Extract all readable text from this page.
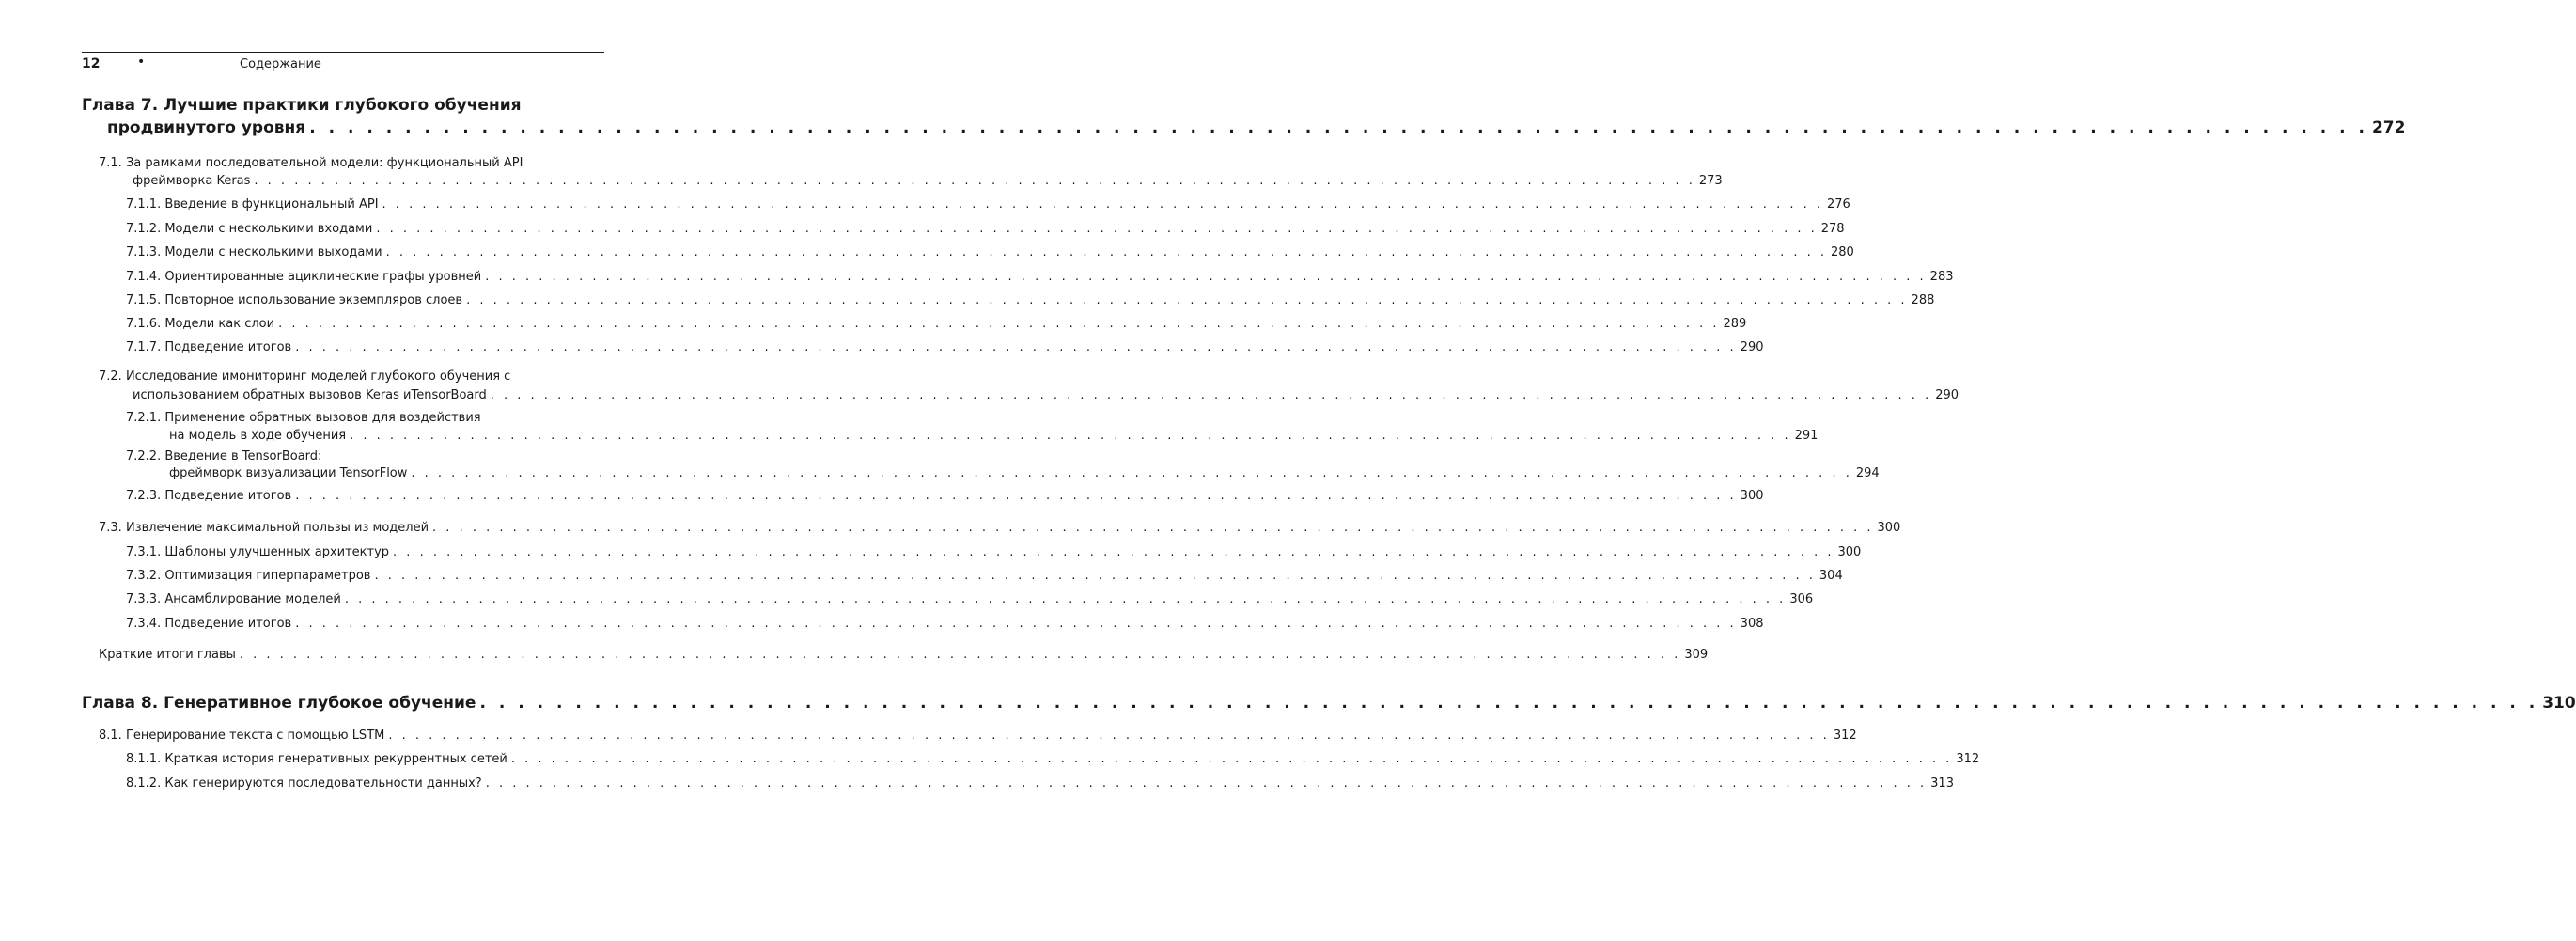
12	•	Содержание
Глава 7. Лучшие практики глубокого обучения
продвинутого уровня . . . . . . . . . . . . . . . . . . . . . . . . . . . . . . . . . . . . . . . . . . . . . . . . . . . . . . . . . . . . . . . . . . . . . . . . . . . . . . . . . . . . . . . . . . . . . . . . . . . . . . . . . . . . 272
7.1. За рамками последовательной модели: функциональный API
фреймворка Keras . . . . . . . . . . . . . . . . . . . . . . . . . . . . . . . . . . . . . . . . . . . . . . . . . . . . . . . . . . . . . . . . . . . . . . . . . . . . . . . . . . . . . . . . . . . . . . . . . . . . . . . . . . . . 273
7.1.1. Введение в функциональный API . . . . . . . . . . . . . . . . . . . . . . . . . . . . . . . . . . . . . . . . . . . . . . . . . . . . . . . . . . . . . . . . . . . . . . . . . . . . . . . . . . . . . . . . . . . . . . . . . . . . . . . . . . . . 276
7.1.2. Модели с несколькими входами . . . . . . . . . . . . . . . . . . . . . . . . . . . . . . . . . . . . . . . . . . . . . . . . . . . . . . . . . . . . . . . . . . . . . . . . . . . . . . . . . . . . . . . . . . . . . . . . . . . . . . . . . . . . 278
7.1.3. Модели с несколькими выходами . . . . . . . . . . . . . . . . . . . . . . . . . . . . . . . . . . . . . . . . . . . . . . . . . . . . . . . . . . . . . . . . . . . . . . . . . . . . . . . . . . . . . . . . . . . . . . . . . . . . . . . . . . . . 280
7.1.4. Ориентированные ациклические графы уровней . . . . . . . . . . . . . . . . . . . . . . . . . . . . . . . . . . . . . . . . . . . . . . . . . . . . . . . . . . . . . . . . . . . . . . . . . . . . . . . . . . . . . . . . . . . . . . . . . . . . . . . . . . . . 283
7.1.5. Повторное использование экземпляров слоев . . . . . . . . . . . . . . . . . . . . . . . . . . . . . . . . . . . . . . . . . . . . . . . . . . . . . . . . . . . . . . . . . . . . . . . . . . . . . . . . . . . . . . . . . . . . . . . . . . . . . . . . . . . . 288
7.1.6. Модели как слои . . . . . . . . . . . . . . . . . . . . . . . . . . . . . . . . . . . . . . . . . . . . . . . . . . . . . . . . . . . . . . . . . . . . . . . . . . . . . . . . . . . . . . . . . . . . . . . . . . . . . . . . . . . . 289
7.1.7. Подведение итогов . . . . . . . . . . . . . . . . . . . . . . . . . . . . . . . . . . . . . . . . . . . . . . . . . . . . . . . . . . . . . . . . . . . . . . . . . . . . . . . . . . . . . . . . . . . . . . . . . . . . . . . . . . . . 290
7.2. Исследование имониторинг моделей глубокого обучения с
использованием обратных вызовов Keras иTensorBoard . . . . . . . . . . . . . . . . . . . . . . . . . . . . . . . . . . . . . . . . . . . . . . . . . . . . . . . . . . . . . . . . . . . . . . . . . . . . . . . . . . . . . . . . . . . . . . . . . . . . . . . . . . . . 290
7.2.1. Применение обратных вызовов для воздействия
на модель в ходе обучения . . . . . . . . . . . . . . . . . . . . . . . . . . . . . . . . . . . . . . . . . . . . . . . . . . . . . . . . . . . . . . . . . . . . . . . . . . . . . . . . . . . . . . . . . . . . . . . . . . . . . . . . . . . . 291
7.2.2. Введение в TensorBoard:
фреймворк визуализации TensorFlow . . . . . . . . . . . . . . . . . . . . . . . . . . . . . . . . . . . . . . . . . . . . . . . . . . . . . . . . . . . . . . . . . . . . . . . . . . . . . . . . . . . . . . . . . . . . . . . . . . . . . . . . . . . . 294
7.2.3. Подведение итогов . . . . . . . . . . . . . . . . . . . . . . . . . . . . . . . . . . . . . . . . . . . . . . . . . . . . . . . . . . . . . . . . . . . . . . . . . . . . . . . . . . . . . . . . . . . . . . . . . . . . . . . . . . . . 300
7.3. Извлечение максимальной пользы из моделей . . . . . . . . . . . . . . . . . . . . . . . . . . . . . . . . . . . . . . . . . . . . . . . . . . . . . . . . . . . . . . . . . . . . . . . . . . . . . . . . . . . . . . . . . . . . . . . . . . . . . . . . . . . . 300
7.3.1. Шаблоны улучшенных архитектур . . . . . . . . . . . . . . . . . . . . . . . . . . . . . . . . . . . . . . . . . . . . . . . . . . . . . . . . . . . . . . . . . . . . . . . . . . . . . . . . . . . . . . . . . . . . . . . . . . . . . . . . . . . . 300
7.3.2. Оптимизация гиперпараметров . . . . . . . . . . . . . . . . . . . . . . . . . . . . . . . . . . . . . . . . . . . . . . . . . . . . . . . . . . . . . . . . . . . . . . . . . . . . . . . . . . . . . . . . . . . . . . . . . . . . . . . . . . . . 304
7.3.3. Ансамблирование моделей . . . . . . . . . . . . . . . . . . . . . . . . . . . . . . . . . . . . . . . . . . . . . . . . . . . . . . . . . . . . . . . . . . . . . . . . . . . . . . . . . . . . . . . . . . . . . . . . . . . . . . . . . . . . 306
7.3.4. Подведение итогов . . . . . . . . . . . . . . . . . . . . . . . . . . . . . . . . . . . . . . . . . . . . . . . . . . . . . . . . . . . . . . . . . . . . . . . . . . . . . . . . . . . . . . . . . . . . . . . . . . . . . . . . . . . . 308
Краткие итоги главы . . . . . . . . . . . . . . . . . . . . . . . . . . . . . . . . . . . . . . . . . . . . . . . . . . . . . . . . . . . . . . . . . . . . . . . . . . . . . . . . . . . . . . . . . . . . . . . . . . . . . . . . . . . . 309
Глава 8. Генеративное глубокое обучение . . . . . . . . . . . . . . . . . . . . . . . . . . . . . . . . . . . . . . . . . . . . . . . . . . . . . . . . . . . . . . . . . . . . . . . . . . . . . . . . . . . . . . . . . . . . . . . . . . . . . . . . . . . . 310
8.1. Генерирование текста с помощью LSTM . . . . . . . . . . . . . . . . . . . . . . . . . . . . . . . . . . . . . . . . . . . . . . . . . . . . . . . . . . . . . . . . . . . . . . . . . . . . . . . . . . . . . . . . . . . . . . . . . . . . . . . . . . . . 312
8.1.1. Краткая история генеративных рекуррентных сетей . . . . . . . . . . . . . . . . . . . . . . . . . . . . . . . . . . . . . . . . . . . . . . . . . . . . . . . . . . . . . . . . . . . . . . . . . . . . . . . . . . . . . . . . . . . . . . . . . . . . . . . . . . . . 312
8.1.2. Как генерируются последовательности данных? . . . . . . . . . . . . . . . . . . . . . . . . . . . . . . . . . . . . . . . . . . . . . . . . . . . . . . . . . . . . . . . . . . . . . . . . . . . . . . . . . . . . . . . . . . . . . . . . . . . . . . . . . . . . 313
